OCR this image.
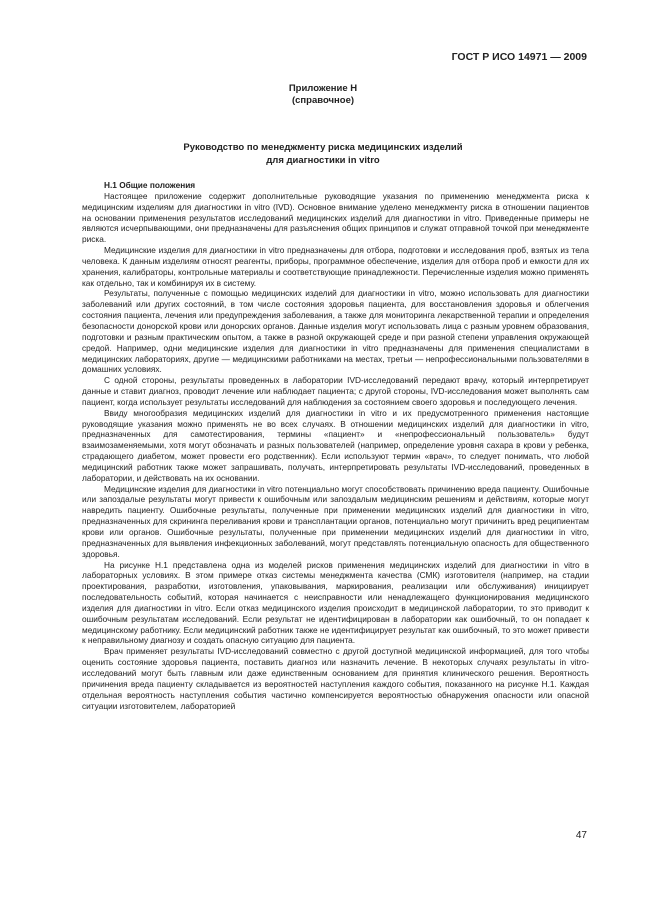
ГОСТ Р ИСО 14971 — 2009
Приложение Н
(справочное)
Руководство по менеджменту риска медицинских изделий
для диагностики in vitro

Н.1 Общие положения

Настоящее приложение содержит дополнительные руководящие указания по применению менеджмента риска к медицинским изделиям для диагностики in vitro (IVD). Основное внимание уделено менеджменту риска в отношении пациентов на основании применения результатов исследований медицинских изделий для диагностики in vitro. Приведенные примеры не являются исчерпывающими, они предназначены для разъяснения общих принципов и служат отправной точкой при менеджменте риска.

Медицинские изделия для диагностики in vitro предназначены для отбора, подготовки и исследования проб, взятых из тела человека. К данным изделиям относят реагенты, приборы, программное обеспечение, изделия для отбора проб и емкости для их хранения, калибраторы, контрольные материалы и соответствующие принадлежности. Перечисленные изделия можно применять как отдельно, так и комбинируя их в систему.

Результаты, полученные с помощью медицинских изделий для диагностики in vitro, можно использовать для диагностики заболеваний или других состояний, в том числе состояния здоровья пациента, для восстановления здоровья и облегчения состояния пациента, лечения или предупреждения заболевания, а также для мониторинга лекарственной терапии и определения безопасности донорской крови или донорских органов. Данные изделия могут использовать лица с разным уровнем образования, подготовки и разным практическим опытом, а также в разной окружающей среде и при разной степени управления окружающей средой. Например, одни медицинские изделия для диагностики in vitro предназначены для применения специалистами в медицинских лабораториях, другие — медицинскими работниками на местах, третьи — непрофессиональными пользователями в домашних условиях.

С одной стороны, результаты проведенных в лаборатории IVD-исследований передают врачу, который интерпретирует данные и ставит диагноз, проводит лечение или наблюдает пациента; с другой стороны, IVD-исследования может выполнять сам пациент, когда использует результаты исследований для наблюдения за состоянием своего здоровья и последующего лечения.

Ввиду многообразия медицинских изделий для диагностики in vitro и их предусмотренного применения настоящие руководящие указания можно применять не во всех случаях. В отношении медицинских изделий для диагностики in vitro, предназначенных для самотестирования, термины «пациент» и «непрофессиональный пользователь» будут взаимозаменяемыми, хотя могут обозначать и разных пользователей (например, определение уровня сахара в крови у ребенка, страдающего диабетом, может провести его родственник). Если используют термин «врач», то следует понимать, что любой медицинский работник также может запрашивать, получать, интерпретировать результаты IVD-исследований, проведенных в лаборатории, и действовать на их основании.

Медицинские изделия для диагностики in vitro потенциально могут способствовать причинению вреда пациенту. Ошибочные или запоздалые результаты могут привести к ошибочным или запоздалым медицинским решениям и действиям, которые могут навредить пациенту. Ошибочные результаты, полученные при применении медицинских изделий для диагностики in vitro, предназначенных для скрининга переливания крови и трансплантации органов, потенциально могут причинить вред реципиентам крови или органов. Ошибочные результаты, полученные при применении медицинских изделий для диагностики in vitro, предназначенных для выявления инфекционных заболеваний, могут представлять потенциальную опасность для общественного здоровья.

На рисунке Н.1 представлена одна из моделей рисков применения медицинских изделий для диагностики in vitro в лабораторных условиях. В этом примере отказ системы менеджмента качества (СМК) изготовителя (например, на стадии проектирования, разработки, изготовления, упаковывания, маркирования, реализации или обслуживания) инициирует последовательность событий, которая начинается с неисправности или ненадлежащего функционирования медицинского изделия для диагностики in vitro. Если отказ медицинского изделия происходит в медицинской лаборатории, то это приводит к ошибочным результатам исследований. Если результат не идентифицирован в лаборатории как ошибочный, то он попадает к медицинскому работнику. Если медицинский работник также не идентифицирует результат как ошибочный, то это может привести к неправильному диагнозу и создать опасную ситуацию для пациента.

Врач применяет результаты IVD-исследований совместно с другой доступной медицинской информацией, для того чтобы оценить состояние здоровья пациента, поставить диагноз или назначить лечение. В некоторых случаях результаты in vitro-исследований могут быть главным или даже единственным основанием для принятия клинического решения. Вероятность причинения вреда пациенту складывается из вероятностей наступления каждого события, показанного на рисунке Н.1. Каждая отдельная вероятность наступления события частично компенсируется вероятностью обнаружения опасности или опасной ситуации изготовителем, лабораторией

47
